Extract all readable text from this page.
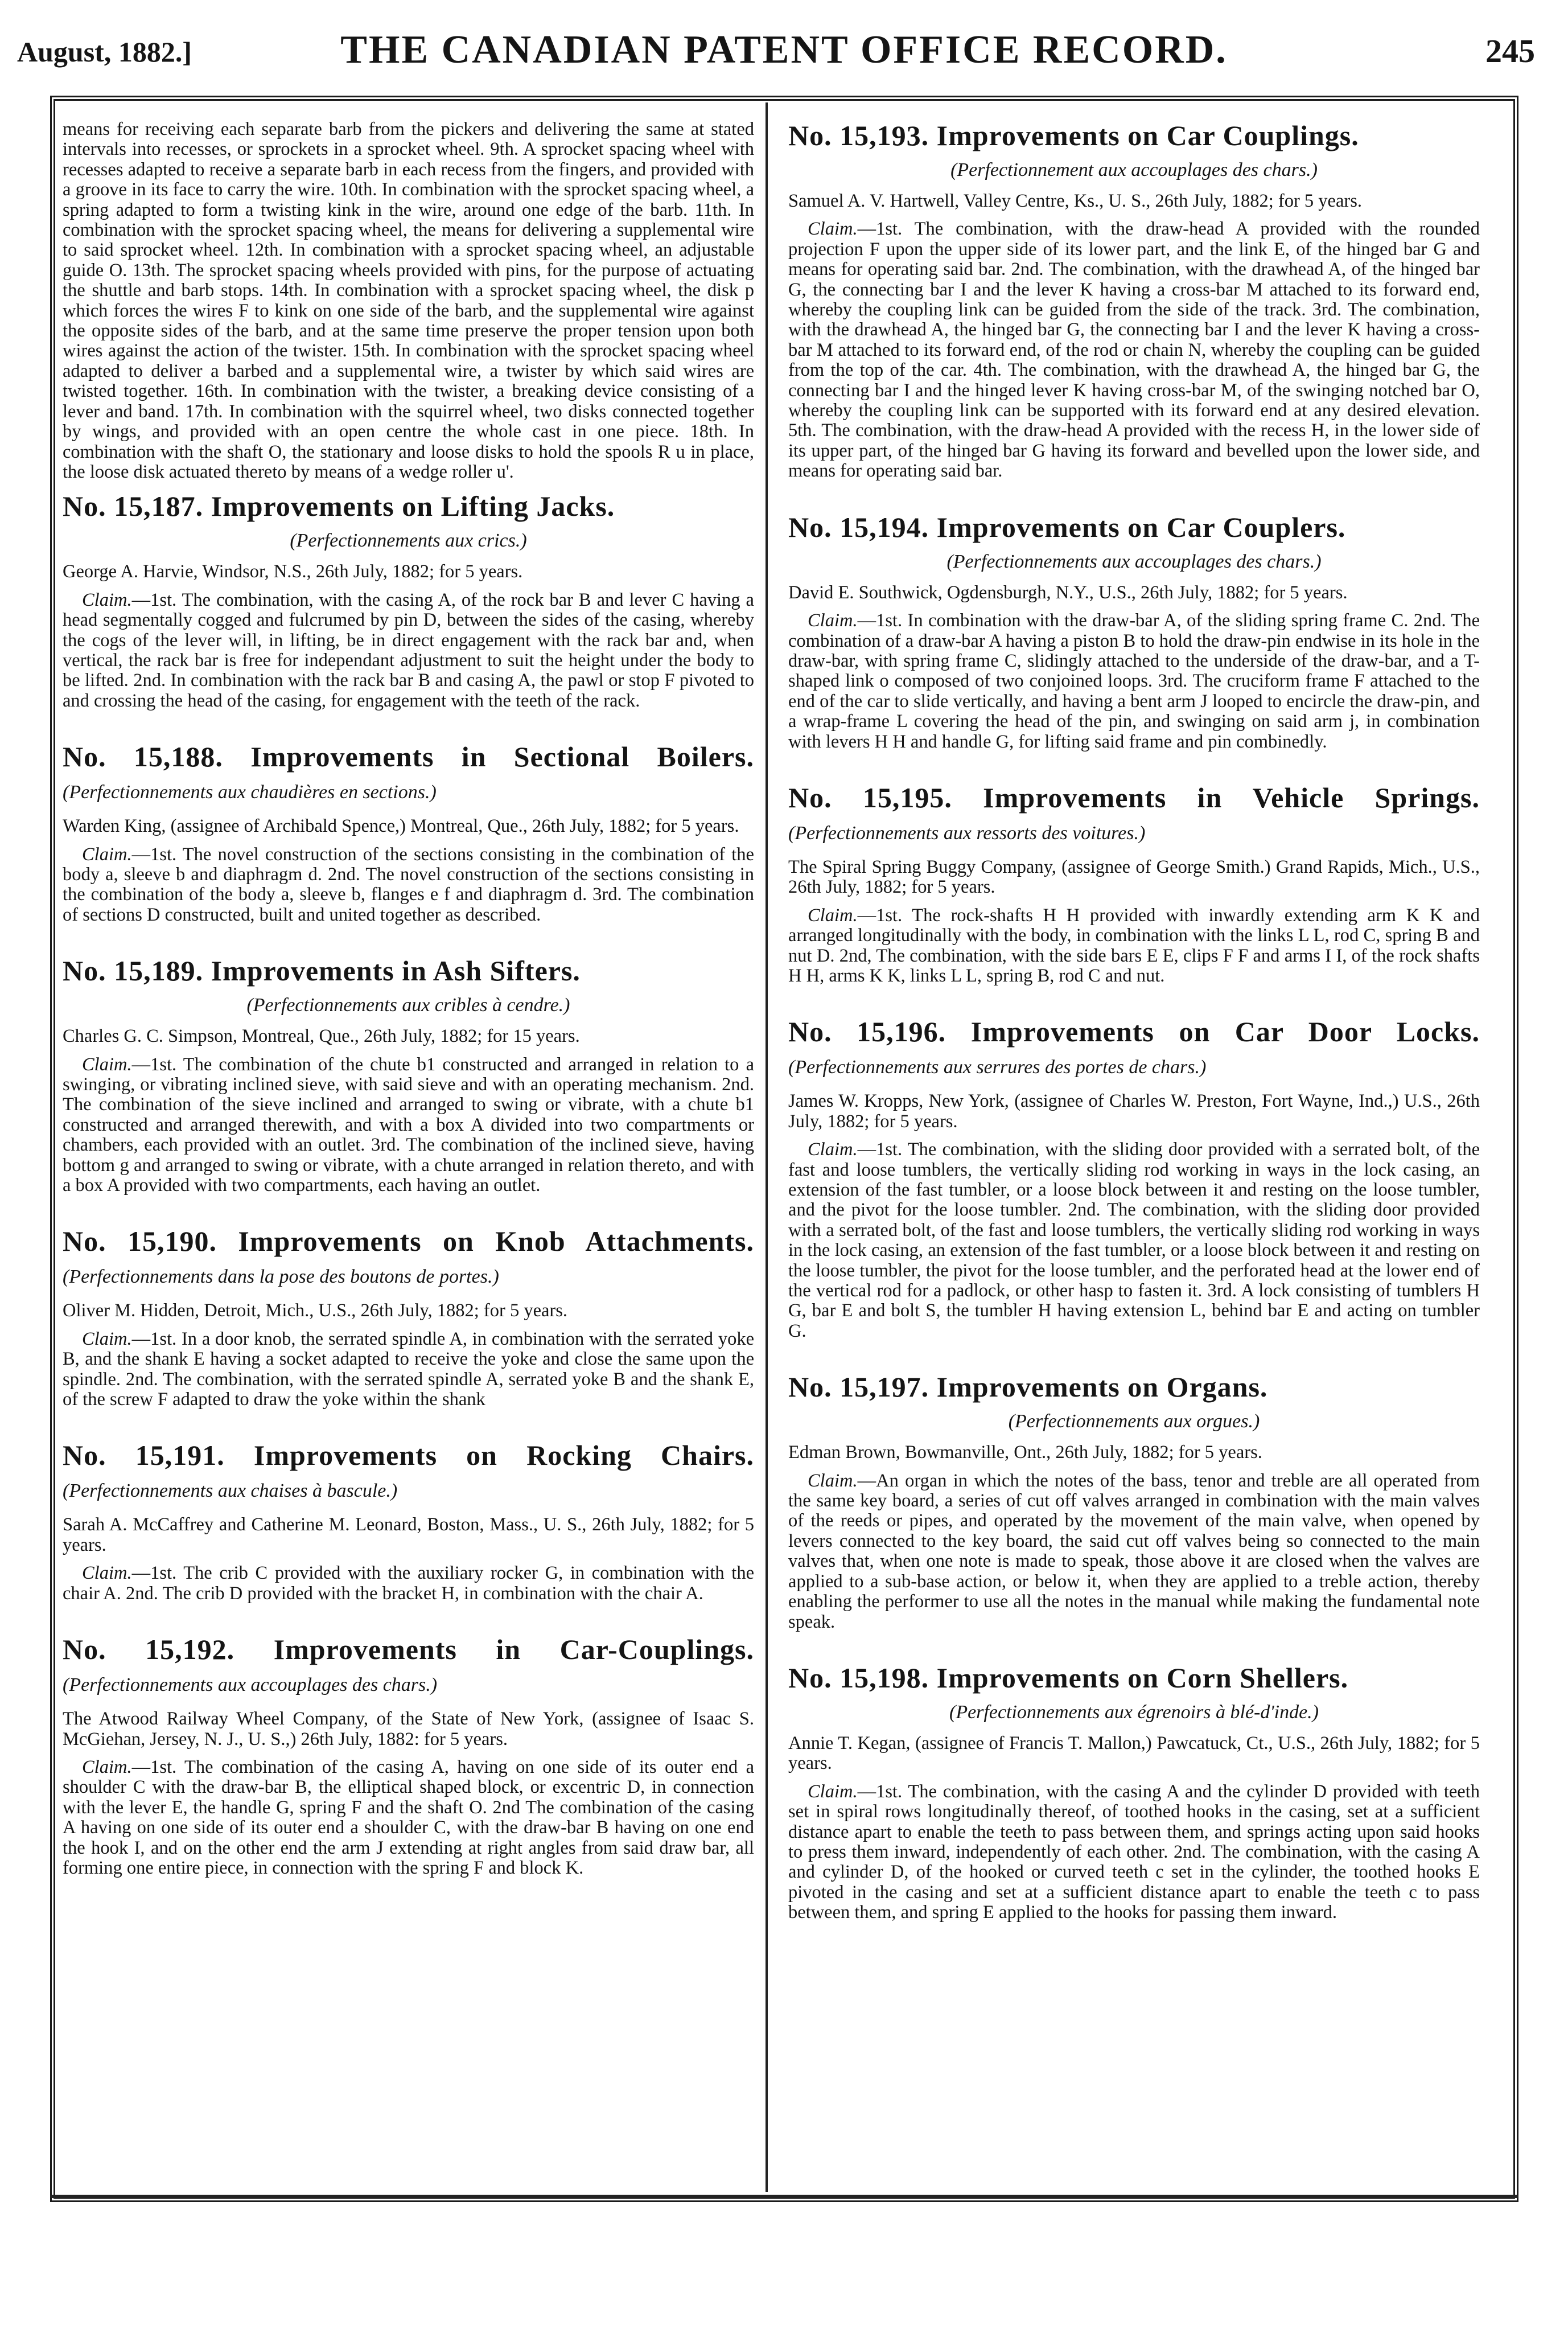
August, 1882.]	THE CANADIAN PATENT OFFICE RECORD.	245

means for receiving each separate barb from the pickers and delivering the same at stated intervals into recesses, or sprockets in a sprocket wheel. 9th. A sprocket spacing wheel with recesses adapted to receive a separate barb in each recess from the fingers, and provided with a groove in its face to carry the wire. 10th. In combination with the sprocket spacing wheel, a spring adapted to form a twisting kink in the wire, around one edge of the barb. 11th. In combination with the sprocket spacing wheel, the means for delivering a supplemental wire to said sprocket wheel. 12th. In combination with a sprocket spacing wheel, an adjustable guide O. 13th. The sprocket spacing wheels provided with pins, for the purpose of actuating the shuttle and barb stops. 14th. In combination with a sprocket spacing wheel, the disk p which forces the wires F to kink on one side of the barb, and the supplemental wire against the opposite sides of the barb, and at the same time preserve the proper tension upon both wires against the action of the twister. 15th. In combination with the sprocket spacing wheel adapted to deliver a barbed and a supplemental wire, a twister by which said wires are twisted together. 16th. In combination with the twister, a breaking device consisting of a lever and band. 17th. In combination with the squirrel wheel, two disks connected together by wings, and provided with an open centre the whole cast in one piece. 18th. In combination with the shaft O, the stationary and loose disks to hold the spools R u in place, the loose disk actuated thereto by means of a wedge roller u'.

No. 15,187. Improvements on Lifting Jacks.
(Perfectionnements aux crics.)

George A. Harvie, Windsor, N.S., 26th July, 1882; for 5 years.

Claim.—1st. The combination, with the casing A, of the rock bar B and lever C having a head segmentally cogged and fulcrumed by pin D, between the sides of the casing, whereby the cogs of the lever will, in lifting, be in direct engagement with the rack bar and, when vertical, the rack bar is free for independant adjustment to suit the height under the body to be lifted. 2nd. In combination with the rack bar B and casing A, the pawl or stop F pivoted to and crossing the head of the casing, for engagement with the teeth of the rack.

No. 15,188. Improvements in Sectional Boilers. (Perfectionnements aux chaudières en sections.)

Warden King, (assignee of Archibald Spence,) Montreal, Que., 26th July, 1882; for 5 years.

Claim.—1st. The novel construction of the sections consisting in the combination of the body a, sleeve b and diaphragm d. 2nd. The novel construction of the sections consisting in the combination of the body a, sleeve b, flanges e f and diaphragm d. 3rd. The combination of sections D constructed, built and united together as described.

No. 15,189. Improvements in Ash Sifters.
(Perfectionnements aux cribles à cendre.)

Charles G. C. Simpson, Montreal, Que., 26th July, 1882; for 15 years.

Claim.—1st. The combination of the chute b1 constructed and arranged in relation to a swinging, or vibrating inclined sieve, with said sieve and with an operating mechanism. 2nd. The combination of the sieve inclined and arranged to swing or vibrate, with a chute b1 constructed and arranged therewith, and with a box A divided into two compartments or chambers, each provided with an outlet. 3rd. The combination of the inclined sieve, having bottom g and arranged to swing or vibrate, with a chute arranged in relation thereto, and with a box A provided with two compartments, each having an outlet.

No. 15,190. Improvements on Knob Attachments. (Perfectionnements dans la pose des boutons de portes.)

Oliver M. Hidden, Detroit, Mich., U.S., 26th July, 1882; for 5 years.

Claim.—1st. In a door knob, the serrated spindle A, in combination with the serrated yoke B, and the shank E having a socket adapted to receive the yoke and close the same upon the spindle. 2nd. The combination, with the serrated spindle A, serrated yoke B and the shank E, of the screw F adapted to draw the yoke within the shank

No. 15,191. Improvements on Rocking Chairs. (Perfectionnements aux chaises à bascule.)

Sarah A. McCaffrey and Catherine M. Leonard, Boston, Mass., U. S., 26th July, 1882; for 5 years.

Claim.—1st. The crib C provided with the auxiliary rocker G, in combination with the chair A. 2nd. The crib D provided with the bracket H, in combination with the chair A.

No. 15,192. Improvements in Car-Couplings. (Perfectionnements aux accouplages des chars.)

The Atwood Railway Wheel Company, of the State of New York, (assignee of Isaac S. McGiehan, Jersey, N. J., U. S.,) 26th July, 1882: for 5 years.

Claim.—1st. The combination of the casing A, having on one side of its outer end a shoulder C with the draw-bar B, the elliptical shaped block, or excentric D, in connection with the lever E, the handle G, spring F and the shaft O. 2nd The combination of the casing A having on one side of its outer end a shoulder C, with the draw-bar B having on one end the hook I, and on the other end the arm J extending at right angles from said draw bar, all forming one entire piece, in connection with the spring F and block K.

No. 15,193. Improvements on Car Couplings.
(Perfectionnement aux accouplages des chars.)

Samuel A. V. Hartwell, Valley Centre, Ks., U. S., 26th July, 1882; for 5 years.

Claim.—1st. The combination, with the draw-head A provided with the rounded projection F upon the upper side of its lower part, and the link E, of the hinged bar G and means for operating said bar. 2nd. The combination, with the drawhead A, of the hinged bar G, the connecting bar I and the lever K having a cross-bar M attached to its forward end, whereby the coupling link can be guided from the side of the track. 3rd. The combination, with the drawhead A, the hinged bar G, the connecting bar I and the lever K having a cross-bar M attached to its forward end, of the rod or chain N, whereby the coupling can be guided from the top of the car. 4th. The combination, with the drawhead A, the hinged bar G, the connecting bar I and the hinged lever K having cross-bar M, of the swinging notched bar O, whereby the coupling link can be supported with its forward end at any desired elevation. 5th. The combination, with the draw-head A provided with the recess H, in the lower side of its upper part, of the hinged bar G having its forward and bevelled upon the lower side, and means for operating said bar.

No. 15,194. Improvements on Car Couplers.
(Perfectionnements aux accouplages des chars.)

David E. Southwick, Ogdensburgh, N.Y., U.S., 26th July, 1882; for 5 years.

Claim.—1st. In combination with the draw-bar A, of the sliding spring frame C. 2nd. The combination of a draw-bar A having a piston B to hold the draw-pin endwise in its hole in the draw-bar, with spring frame C, slidingly attached to the underside of the draw-bar, and a T-shaped link o composed of two conjoined loops. 3rd. The cruciform frame F attached to the end of the car to slide vertically, and having a bent arm J looped to encircle the draw-pin, and a wrap-frame L covering the head of the pin, and swinging on said arm j, in combination with levers H H and handle G, for lifting said frame and pin combinedly.

No. 15,195. Improvements in Vehicle Springs. (Perfectionnements aux ressorts des voitures.)

The Spiral Spring Buggy Company, (assignee of George Smith.) Grand Rapids, Mich., U.S., 26th July, 1882; for 5 years.

Claim.—1st. The rock-shafts H H provided with inwardly extending arm K K and arranged longitudinally with the body, in combination with the links L L, rod C, spring B and nut D. 2nd, The combination, with the side bars E E, clips F F and arms I I, of the rock shafts H H, arms K K, links L L, spring B, rod C and nut.

No. 15,196. Improvements on Car Door Locks. (Perfectionnements aux serrures des portes de chars.)

James W. Kropps, New York, (assignee of Charles W. Preston, Fort Wayne, Ind.,) U.S., 26th July, 1882; for 5 years.

Claim.—1st. The combination, with the sliding door provided with a serrated bolt, of the fast and loose tumblers, the vertically sliding rod working in ways in the lock casing, an extension of the fast tumbler, or a loose block between it and resting on the loose tumbler, and the pivot for the loose tumbler. 2nd. The combination, with the sliding door provided with a serrated bolt, of the fast and loose tumblers, the vertically sliding rod working in ways in the lock casing, an extension of the fast tumbler, or a loose block between it and resting on the loose tumbler, the pivot for the loose tumbler, and the perforated head at the lower end of the vertical rod for a padlock, or other hasp to fasten it. 3rd. A lock consisting of tumblers H G, bar E and bolt S, the tumbler H having extension L, behind bar E and acting on tumbler G.

No. 15,197. Improvements on Organs.
(Perfectionnements aux orgues.)

Edman Brown, Bowmanville, Ont., 26th July, 1882; for 5 years.

Claim.—An organ in which the notes of the bass, tenor and treble are all operated from the same key board, a series of cut off valves arranged in combination with the main valves of the reeds or pipes, and operated by the movement of the main valve, when opened by levers connected to the key board, the said cut off valves being so connected to the main valves that, when one note is made to speak, those above it are closed when the valves are applied to a sub-base action, or below it, when they are applied to a treble action, thereby enabling the performer to use all the notes in the manual while making the fundamental note speak.

No. 15,198. Improvements on Corn Shellers.
(Perfectionnements aux égrenoirs à blé-d'inde.)

Annie T. Kegan, (assignee of Francis T. Mallon,) Pawcatuck, Ct., U.S., 26th July, 1882; for 5 years.

Claim.—1st. The combination, with the casing A and the cylinder D provided with teeth set in spiral rows longitudinally thereof, of toothed hooks in the casing, set at a sufficient distance apart to enable the teeth to pass between them, and springs acting upon said hooks to press them inward, independently of each other. 2nd. The combination, with the casing A and cylinder D, of the hooked or curved teeth c set in the cylinder, the toothed hooks E pivoted in the casing and set at a sufficient distance apart to enable the teeth c to pass between them, and spring E applied to the hooks for passing them inward.
